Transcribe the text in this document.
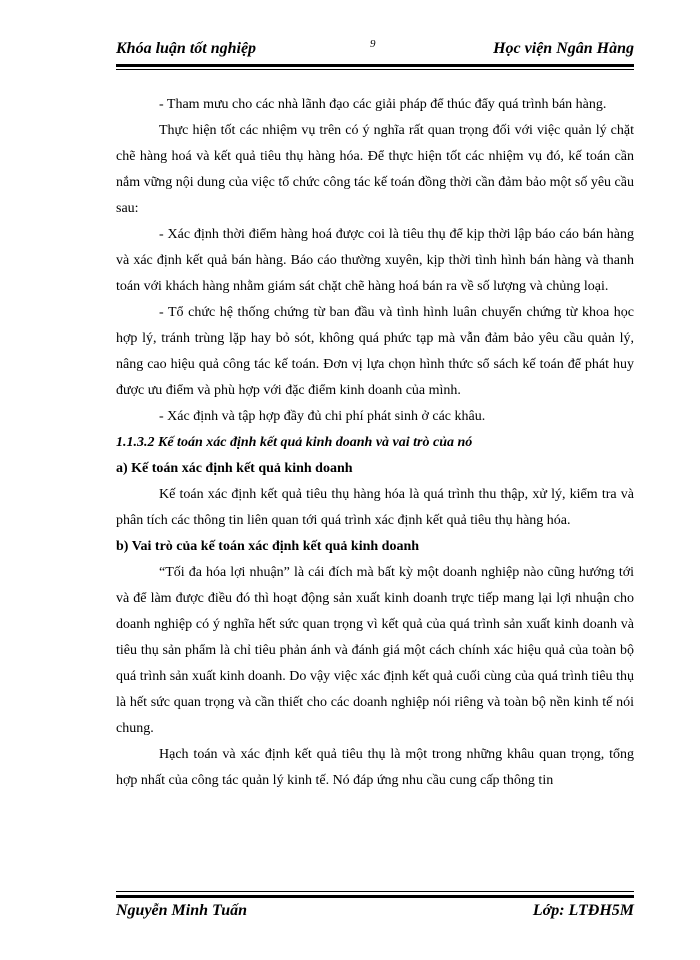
Khóa luận tốt nghiệp	9	Học viện Ngân Hàng

- Tham mưu cho các nhà lãnh đạo các giải pháp để thúc đẩy quá trình bán hàng.

Thực hiện tốt các nhiệm vụ trên có ý nghĩa rất quan trọng đối với việc quản lý chặt chẽ hàng hoá và kết quả tiêu thụ hàng hóa. Để thực hiện tốt các nhiệm vụ đó, kế toán cần nắm vững nội dung của việc tổ chức công tác kế toán đồng thời cần đảm bảo một số yêu cầu sau:

- Xác định thời điểm hàng hoá được coi là tiêu thụ để kịp thời lập báo cáo bán hàng và xác định kết quả bán hàng. Báo cáo thường xuyên, kịp thời tình hình bán hàng và thanh toán với khách hàng nhằm giám sát chặt chẽ hàng hoá bán ra về số lượng và chủng loại.

- Tổ chức hệ thống chứng từ ban đầu và tình hình luân chuyển chứng từ khoa học hợp lý, tránh trùng lặp hay bỏ sót, không quá phức tạp mà vẫn đảm bảo yêu cầu quản lý, nâng cao hiệu quả công tác kế toán. Đơn vị lựa chọn hình thức sổ sách kế toán để phát huy được ưu điểm và phù hợp với đặc điểm kinh doanh của mình.

- Xác định và tập hợp đầy đủ chi phí phát sinh ở các khâu.

1.1.3.2 Kế toán xác định kết quả kinh doanh và vai trò của nó
a) Kế toán xác định kết quả kinh doanh

Kế toán xác định kết quả tiêu thụ hàng hóa là quá trình thu thập, xử lý, kiểm tra và phân tích các thông tin liên quan tới quá trình xác định kết quả tiêu thụ hàng hóa.

b) Vai trò của kế toán xác định kết quả kinh doanh

“Tối đa hóa lợi nhuận” là cái đích mà bất kỳ một doanh nghiệp nào cũng hướng tới và để làm được điều đó thì hoạt động sản xuất kinh doanh trực tiếp mang lại lợi nhuận cho doanh nghiệp có ý nghĩa hết sức quan trọng vì kết quả của quá trình sản xuất kinh doanh và tiêu thụ sản phẩm là chỉ tiêu phản ánh và đánh giá một cách chính xác hiệu quả của toàn bộ quá trình sản xuất kinh doanh. Do vậy việc xác định kết quả cuối cùng của quá trình tiêu thụ là hết sức quan trọng và cần thiết cho các doanh nghiệp nói riêng và toàn bộ nền kinh tế nói chung.

Hạch toán và xác định kết quả tiêu thụ là một trong những khâu quan trọng, tổng hợp nhất của công tác quản lý kinh tế. Nó đáp ứng nhu cầu cung cấp thông tin

Nguyễn Minh Tuấn	Lớp: LTĐH5M
